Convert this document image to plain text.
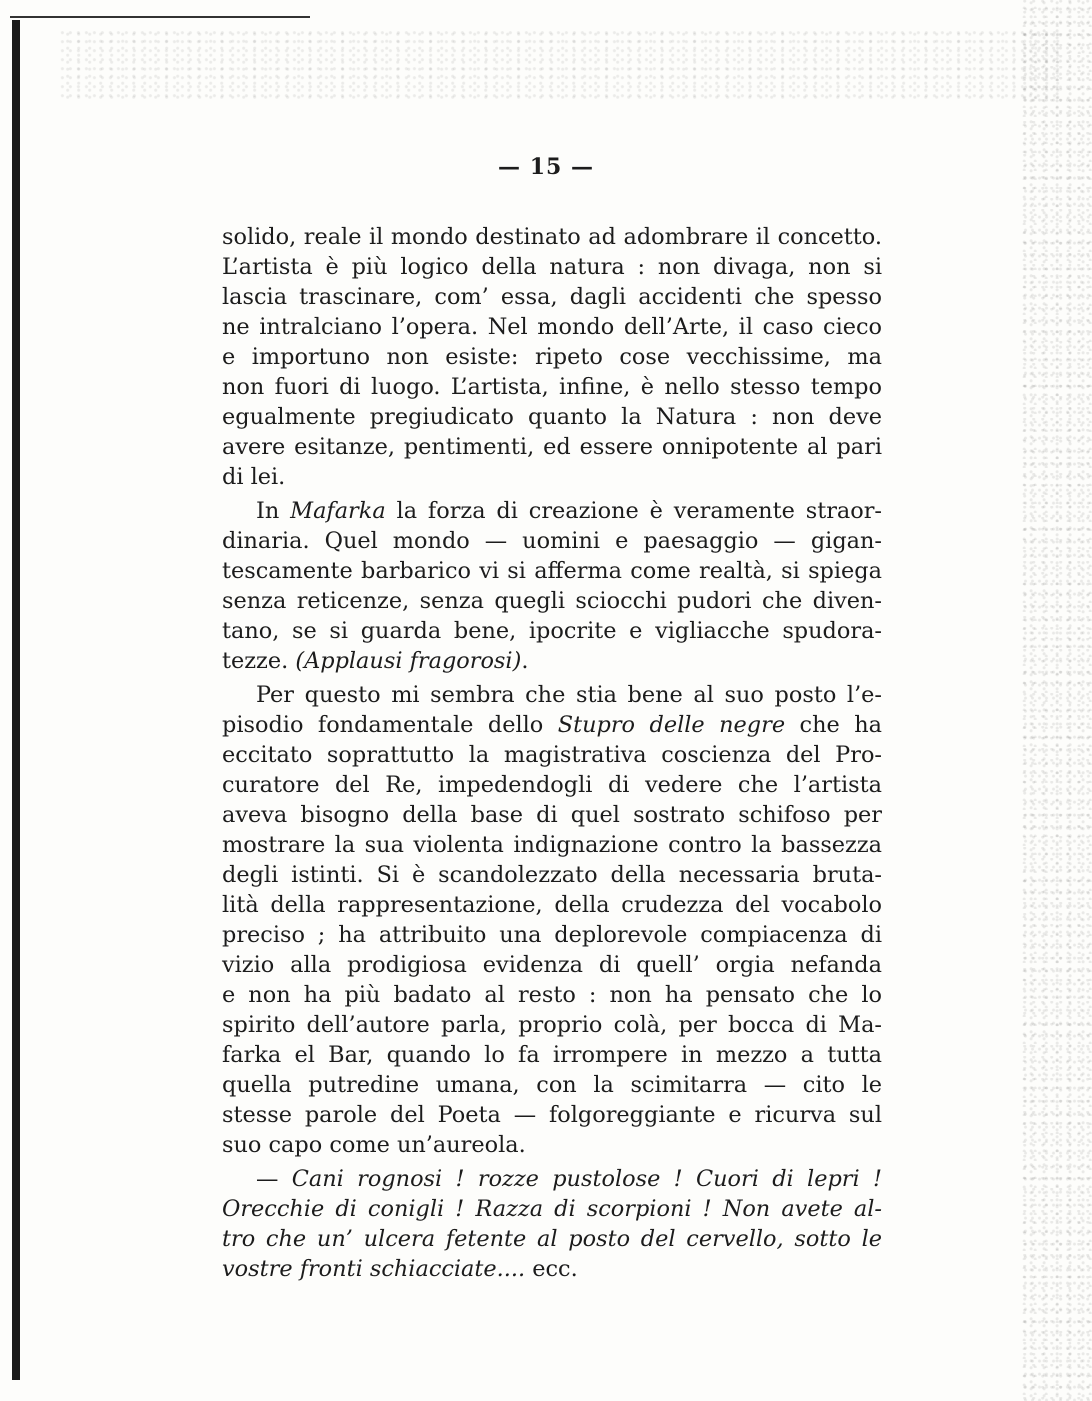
— 15 —
solido, reale il mondo destinato ad adombrare il concetto.
L’artista è più logico della natura : non divaga, non si
lascia trascinare, com’ essa, dagli accidenti che spesso
ne intralciano l’opera. Nel mondo dell’Arte, il caso cieco
e importuno non esiste: ripeto cose vecchissime, ma
non fuori di luogo. L’artista, infine, è nello stesso tempo
egualmente pregiudicato quanto la Natura : non deve
avere esitanze, pentimenti, ed essere onnipotente al pari
di lei.
In Mafarka la forza di creazione è veramente straor-
dinaria. Quel mondo — uomini e paesaggio — gigan-
tescamente barbarico vi si afferma come realtà, si spiega
senza reticenze, senza quegli sciocchi pudori che diven-
tano, se si guarda bene, ipocrite e vigliacche spudora-
tezze. (Applausi fragorosi).
Per questo mi sembra che stia bene al suo posto l’e-
pisodio fondamentale dello Stupro delle negre che ha
eccitato soprattutto la magistrativa coscienza del Pro-
curatore del Re, impedendogli di vedere che l’artista
aveva bisogno della base di quel sostrato schifoso per
mostrare la sua violenta indignazione contro la bassezza
degli istinti. Si è scandolezzato della necessaria bruta-
lità della rappresentazione, della crudezza del vocabolo
preciso ; ha attribuito una deplorevole compiacenza di
vizio alla prodigiosa evidenza di quell’ orgia nefanda
e non ha più badato al resto : non ha pensato che lo
spirito dell’autore parla, proprio colà, per bocca di Ma-
farka el Bar, quando lo fa irrompere in mezzo a tutta
quella putredine umana, con la scimitarra — cito le
stesse parole del Poeta — folgoreggiante e ricurva sul
suo capo come un’aureola.
— Cani rognosi ! rozze pustolose ! Cuori di lepri !
Orecchie di conigli ! Razza di scorpioni ! Non avete al-
tro che un’ ulcera fetente al posto del cervello, sotto le
vostre fronti schiacciate.... ecc.
